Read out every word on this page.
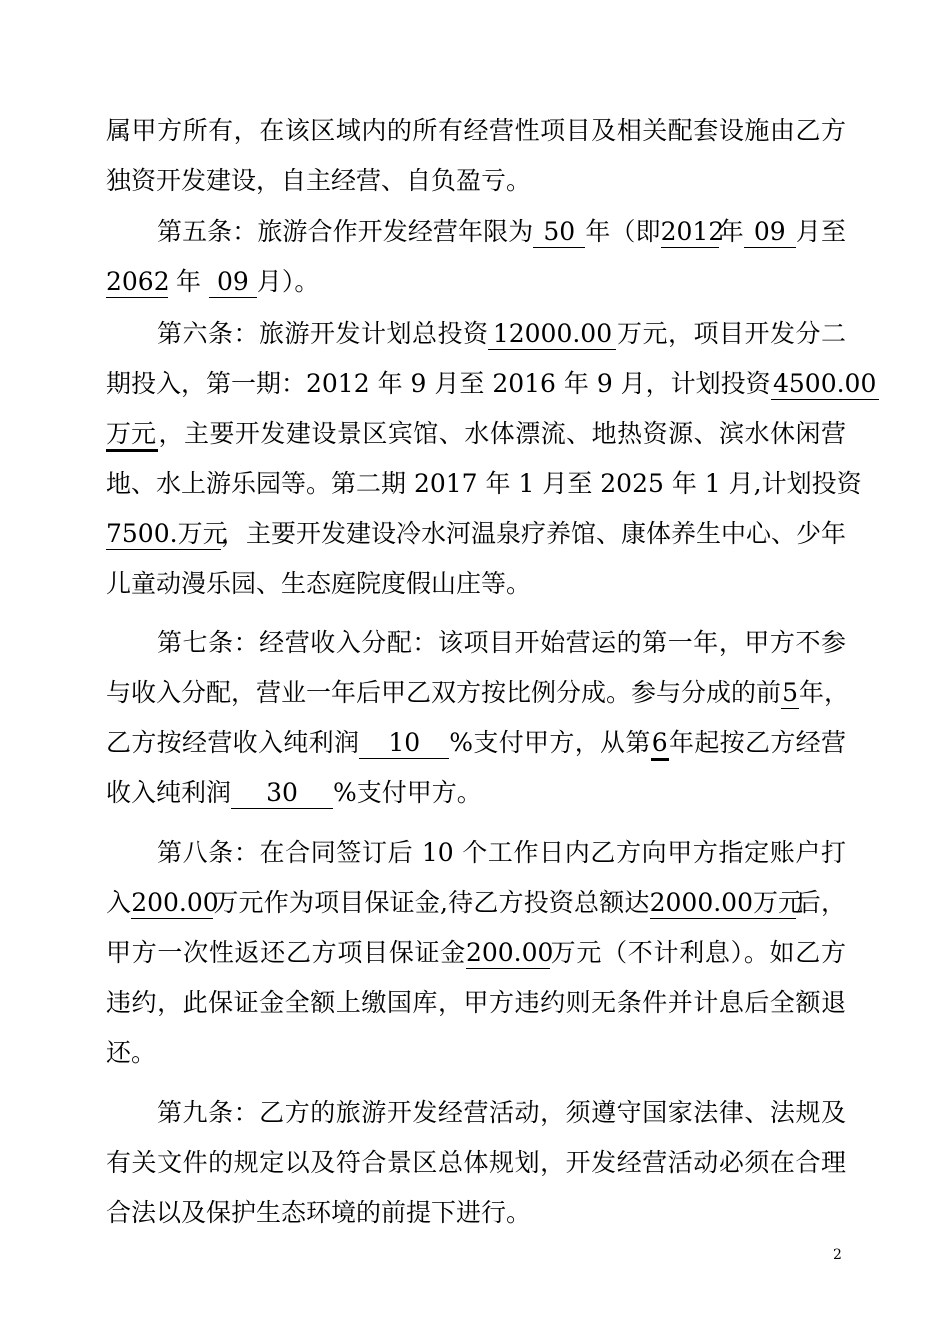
属甲方所有，在该区域内的所有经营性项目及相关配套设施由乙方
独资开发建设，自主经营、自负盈亏。
第五条：旅游合作开发经营年限为 50 年（即2012年 09 月至
2062 年 09 月）。
第六条：旅游开发计划总投资 12000.00 万元，项目开发分二
期投入，第一期：2012 年 9 月至 2016 年 9 月，计划投资4500.00
万元，主要开发建设景区宾馆、水体漂流、地热资源、滨水休闲营
地、水上游乐园等。第二期 2017 年 1 月至 2025 年 1 月,计划投资
7500.万元，主要开发建设冷水河温泉疗养馆、康体养生中心、少年
儿童动漫乐园、生态庭院度假山庄等。
第七条：经营收入分配：该项目开始营运的第一年，甲方不参
与收入分配，营业一年后甲乙双方按比例分成。参与分成的前5年，
乙方按经营收入纯利润 10 %支付甲方，从第6年起按乙方经营
收入纯利润 30 %支付甲方。
第八条：在合同签订后 10 个工作日内乙方向甲方指定账户打
入200.00万元作为项目保证金,待乙方投资总额达2000.00万元后，
甲方一次性返还乙方项目保证金200.00万元（不计利息）。如乙方
违约，此保证金全额上缴国库，甲方违约则无条件并计息后全额退
还。
第九条：乙方的旅游开发经营活动，须遵守国家法律、法规及
有关文件的规定以及符合景区总体规划，开发经营活动必须在合理
合法以及保护生态环境的前提下进行。
2
